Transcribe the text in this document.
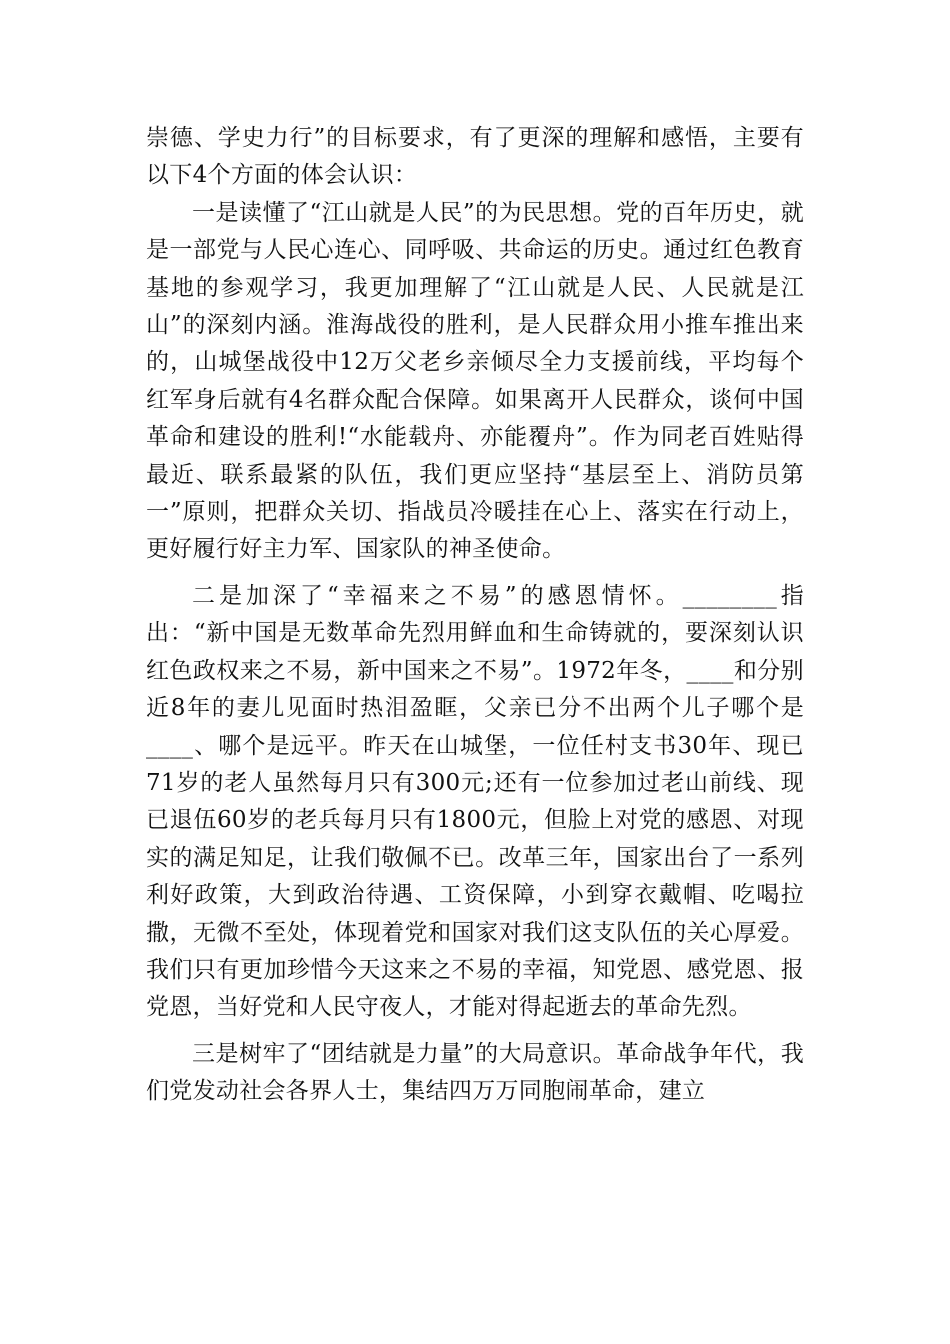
崇德、学史力行”的目标要求，有了更深的理解和感悟，主要有以下4个方面的体会认识：

一是读懂了“江山就是人民”的为民思想。党的百年历史，就是一部党与人民心连心、同呼吸、共命运的历史。通过红色教育基地的参观学习，我更加理解了“江山就是人民、人民就是江山”的深刻内涵。淮海战役的胜利，是人民群众用小推车推出来的，山城堡战役中12万父老乡亲倾尽全力支援前线，平均每个红军身后就有4名群众配合保障。如果离开人民群众，谈何中国革命和建设的胜利!“水能载舟、亦能覆舟”。作为同老百姓贴得最近、联系最紧的队伍，我们更应坚持“基层至上、消防员第一”原则，把群众关切、指战员冷暖挂在心上、落实在行动上，更好履行好主力军、国家队的神圣使命。

二是加深了“幸福来之不易”的感恩情怀。________指出：“新中国是无数革命先烈用鲜血和生命铸就的，要深刻认识红色政权来之不易，新中国来之不易”。1972年冬，____和分别近8年的妻儿见面时热泪盈眶，父亲已分不出两个儿子哪个是____、哪个是远平。昨天在山城堡，一位任村支书30年、现已71岁的老人虽然每月只有300元;还有一位参加过老山前线、现已退伍60岁的老兵每月只有1800元，但脸上对党的感恩、对现实的满足知足，让我们敬佩不已。改革三年，国家出台了一系列利好政策，大到政治待遇、工资保障，小到穿衣戴帽、吃喝拉撒，无微不至处，体现着党和国家对我们这支队伍的关心厚爱。我们只有更加珍惜今天这来之不易的幸福，知党恩、感党恩、报党恩，当好党和人民守夜人，才能对得起逝去的革命先烈。

三是树牢了“团结就是力量”的大局意识。革命战争年代，我们党发动社会各界人士，集结四万万同胞闹革命，建立
